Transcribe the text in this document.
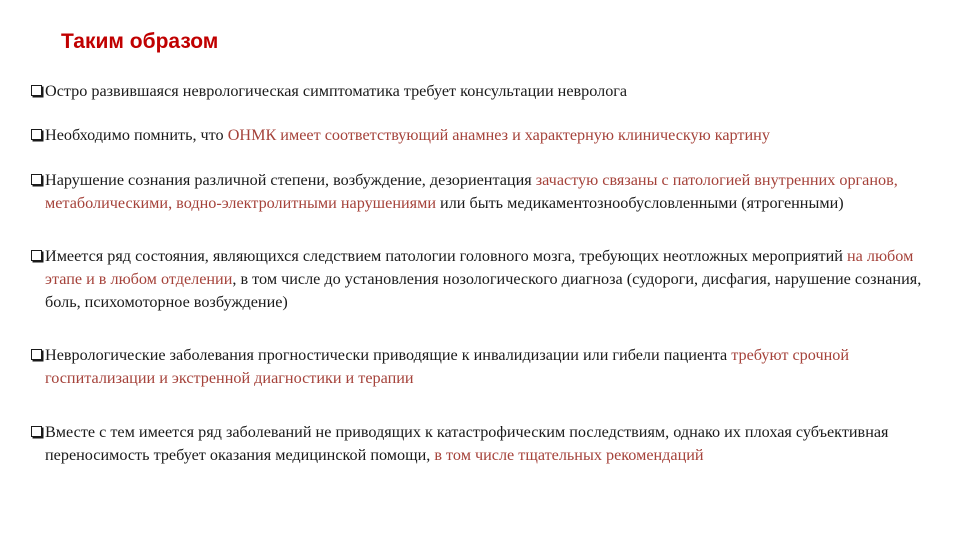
Таким образом
Остро развившаяся неврологическая симптоматика требует консультации невролога
Необходимо помнить, что ОНМК имеет соответствующий анамнез и характерную клиническую картину
Нарушение сознания различной степени, возбуждение, дезориентация зачастую связаны с патологией внутренних органов, метаболическими, водно-электролитными нарушениями или быть медикаментознообусловленными (ятрогенными)
Имеется ряд состояния, являющихся следствием патологии головного мозга, требующих неотложных мероприятий на любом этапе и в любом отделении, в том числе до установления нозологического диагноза (судороги, дисфагия, нарушение сознания, боль, психомоторное возбуждение)
Неврологические заболевания прогностически приводящие к инвалидизации или гибели пациента требуют срочной госпитализации и экстренной диагностики и терапии
Вместе с тем имеется ряд заболеваний не приводящих к катастрофическим последствиям, однако их плохая субъективная переносимость требует оказания медицинской помощи, в том числе тщательных рекомендаций
